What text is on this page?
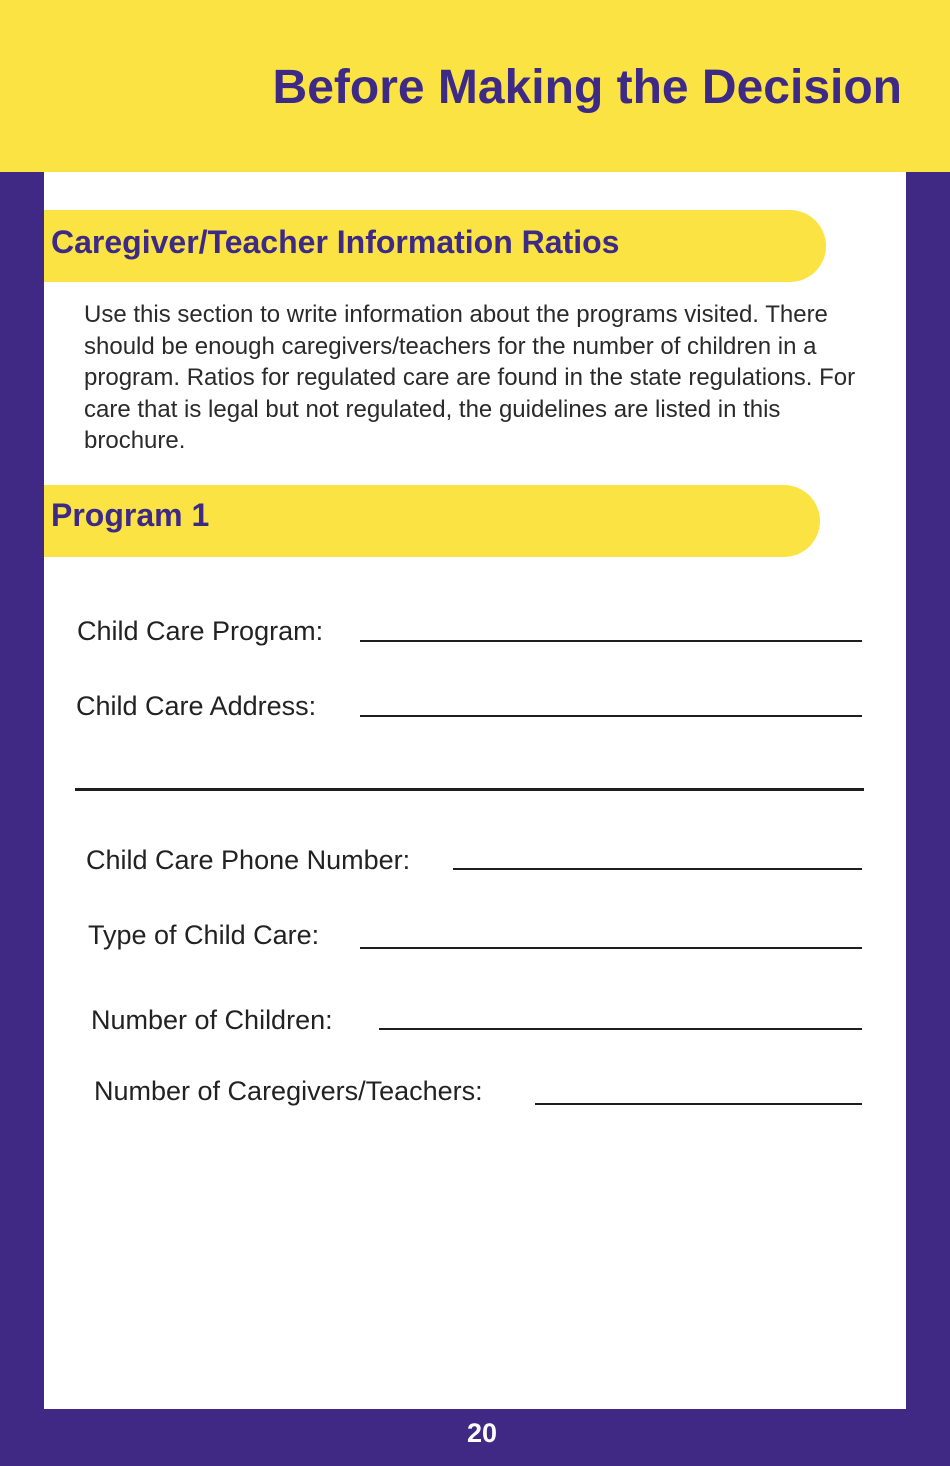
Before Making the Decision
Caregiver/Teacher Information Ratios

Use this section to write information about the programs visited. There should be enough caregivers/teachers for the number of children in a program. Ratios for regulated care are found in the state regulations. For care that is legal but not regulated, the guidelines are listed in this brochure.

Program 1
Child Care Program:
Child Care Address:
Child Care Phone Number:
Type of Child Care:
Number of Children:
Number of Caregivers/Teachers:
20
